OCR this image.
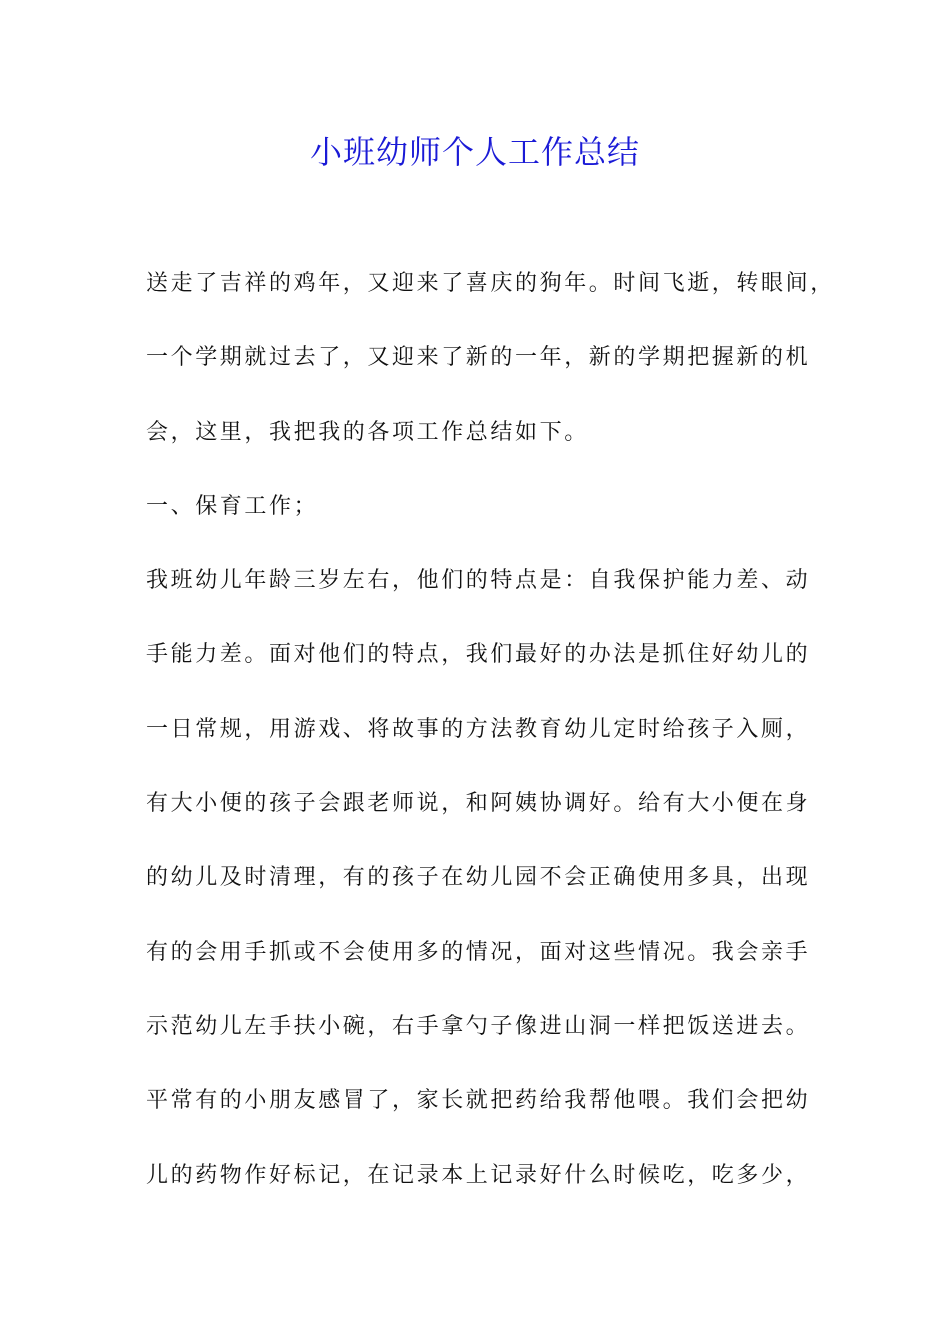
小班幼师个人工作总结
送走了吉祥的鸡年，又迎来了喜庆的狗年。时间飞逝，转眼间，
一个学期就过去了，又迎来了新的一年，新的学期把握新的机
会，这里，我把我的各项工作总结如下。
一、保育工作；
我班幼儿年龄三岁左右，他们的特点是：自我保护能力差、动
手能力差。面对他们的特点，我们最好的办法是抓住好幼儿的
一日常规，用游戏、将故事的方法教育幼儿定时给孩子入厕，
有大小便的孩子会跟老师说，和阿姨协调好。给有大小便在身
的幼儿及时清理，有的孩子在幼儿园不会正确使用多具，出现
有的会用手抓或不会使用多的情况，面对这些情况。我会亲手
示范幼儿左手扶小碗，右手拿勺子像进山洞一样把饭送进去。
平常有的小朋友感冒了，家长就把药给我帮他喂。我们会把幼
儿的药物作好标记，在记录本上记录好什么时候吃，吃多少，
